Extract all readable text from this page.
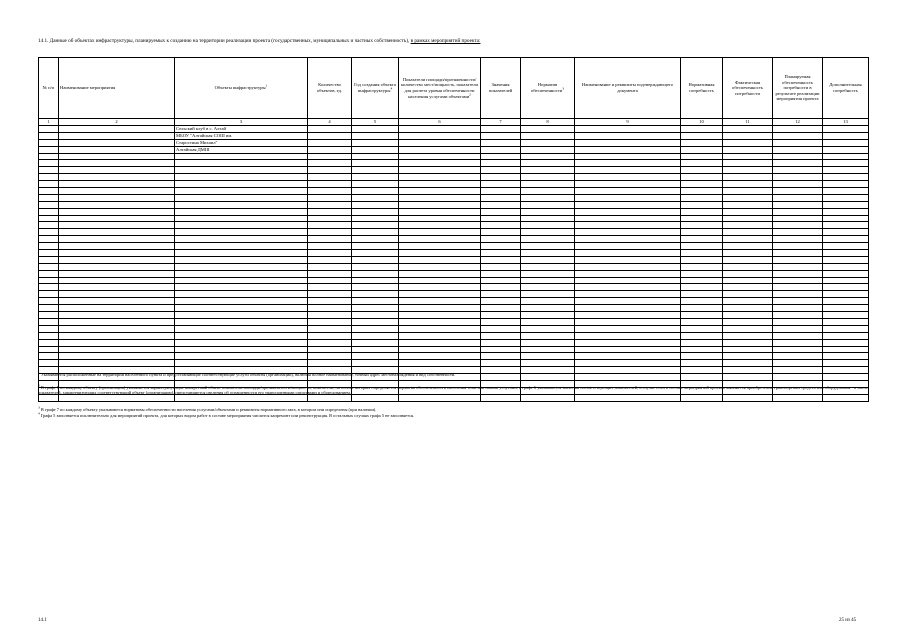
14.1. Данные об объектах инфраструктуры, планируемых к созданию на территории реализации проекта (государственных, муниципальных и частных собственность), в рамках мероприятий проекта:
№ п/п	Наименование мероприятия	Объекты инфраструктуры$^1$	Количество объектов, ед.	Год создания объекта инфраструктуры$^4$	Показатели площади/протяженности/ количество мест/мощность, показатели для расчета уровня обеспеченности населения услугами объектами$^2$	Значения показателей	Норматив обеспеченности$^3$	Наименование и реквизиты подтверждающего документа	Нормативная потребность	Фактическая обеспеченность потребности	Планируемая обеспеченность потребности в результате реализации мероприятия проекта	Дополнительная потребность
1	2	3	4	5	6	7	8	9	10	11	12	13
		Сельский клуб в с. Алтай										
		МБОУ "Алтайская СОШ им.										
		Старостина Михаил"										
		Алтайская ДМШ										

$^1$ Указываются расположенные на территории населенного пункта и предоставляющие соответствующие услуги объекты (организации), включая полное наименование, точный адрес местонахождения и вид собственности.
$^2$ В графе 5 по каждому объекту (организации) указывается характеризующие конкретный объект показатели площади/протяженности/мощности, показатели, на основе которых определяется норматив обеспеченности населения теми или иными услугами, в графе 6 указываются значения соответствующих показателей; в случае если в составе мероприятий проекта заявляется приобретение транспортных средств или оборудования - в числе показателей, характеризующих соответствующий объект (организацию), представляются сведения об оснащенности его транспортными средствами и оборудованием.
$^3$ В графе 7 по каждому объекту указываются нормативы обеспеченности населения услугами/объектами и реквизиты нормативного акта, в котором они определены (при наличии).
$^4$ Графа 5 заполняется исключительно для мероприятий проекта, для которых видом работ в составе мероприятия числится капремонт или реконструкция. В остальных случаях графа 5 не заполняется.
14.1	25 из 45
